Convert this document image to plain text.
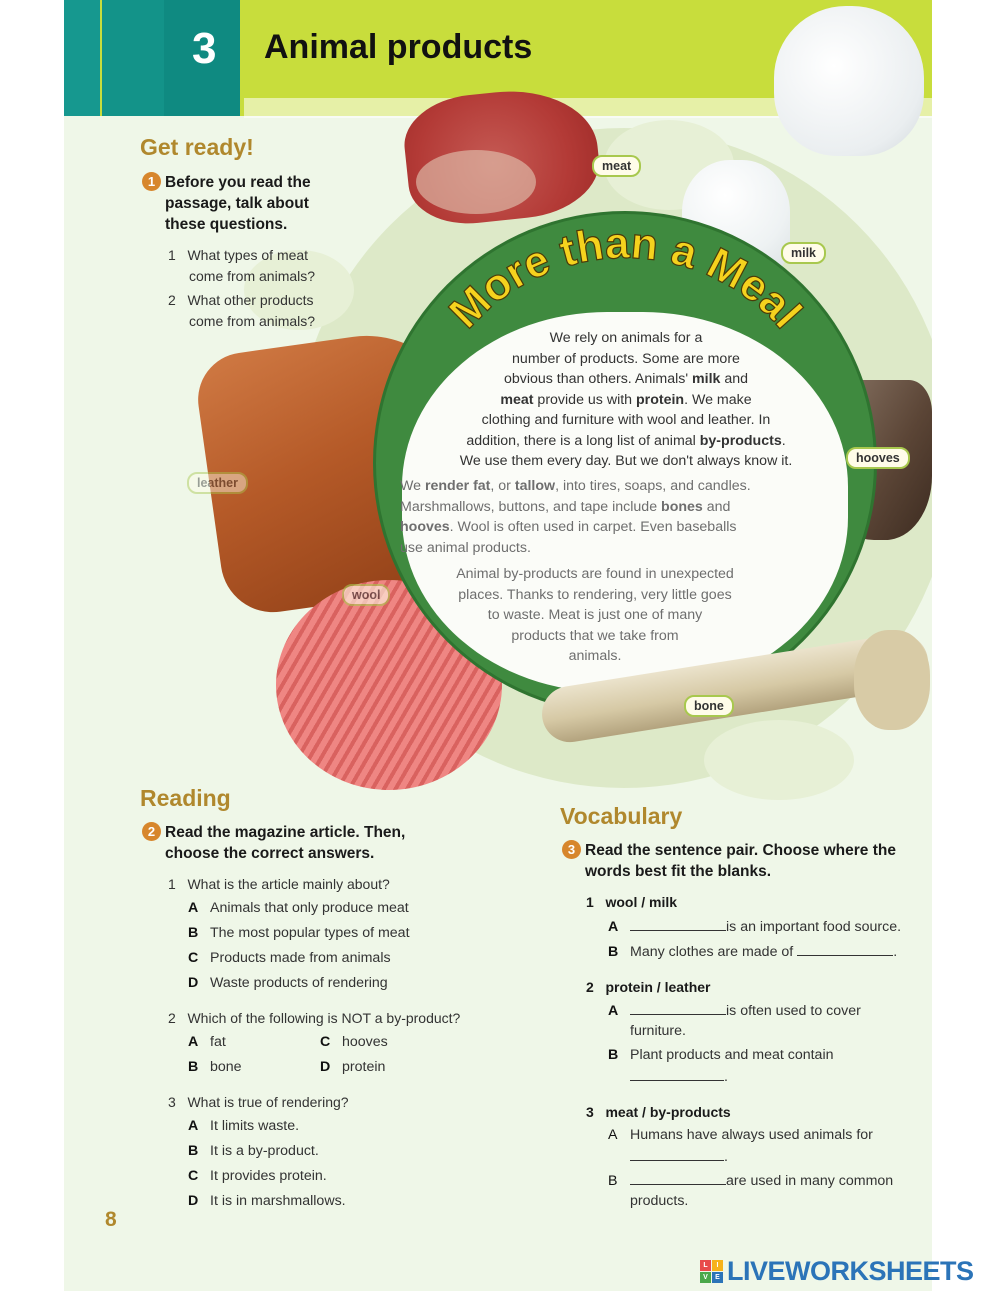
3 Animal products
Get ready!
1 Before you read the
passage, talk about
these questions.
1 What types of meat
come from animals?
2 What other products
come from animals?	More than a Meal
We rely on animals for a
number of products. Some are more
obvious than others. Animals' milk and
meat provide us with protein. We make
clothing and furniture with wool and leather. In
addition, there is a long list of animal by-products.
We use them every day. But we don't always know it.
We render fat, or tallow, into tires, soaps, and candles.
Marshmallows, buttons, and tape include bones and
hooves. Wool is often used in carpet. Even baseballs
use animal products.
Animal by-products are found in unexpected
places. Thanks to rendering, very little goes
to waste. Meat is just one of many
products that we take from
animals.
meat
milk
hooves
leather
wool
bone
Reading
2 Read the magazine article. Then,
choose the correct answers.
1 What is the article mainly about?
A Animals that only produce meat
B The most popular types of meat
C Products made from animals
D Waste products of rendering
2 Which of the following is NOT a by-product?
A fat	C hooves
B bone	D protein
3 What is true of rendering?
A It limits waste.
B It is a by-product.
C It provides protein.
D It is in marshmallows.
Vocabulary
3 Read the sentence pair. Choose where the
words best fit the blanks.
1 wool / milk
A	is an important food source.
B Many clothes are made of	.
2 protein / leather
A	is often used to cover
furniture.
B Plant products and meat contain
.
3 meat / by-products
A Humans have always used animals for
.
B	are used in many common
products.
8
L	I
V	E LIVEWORKSHEETS
